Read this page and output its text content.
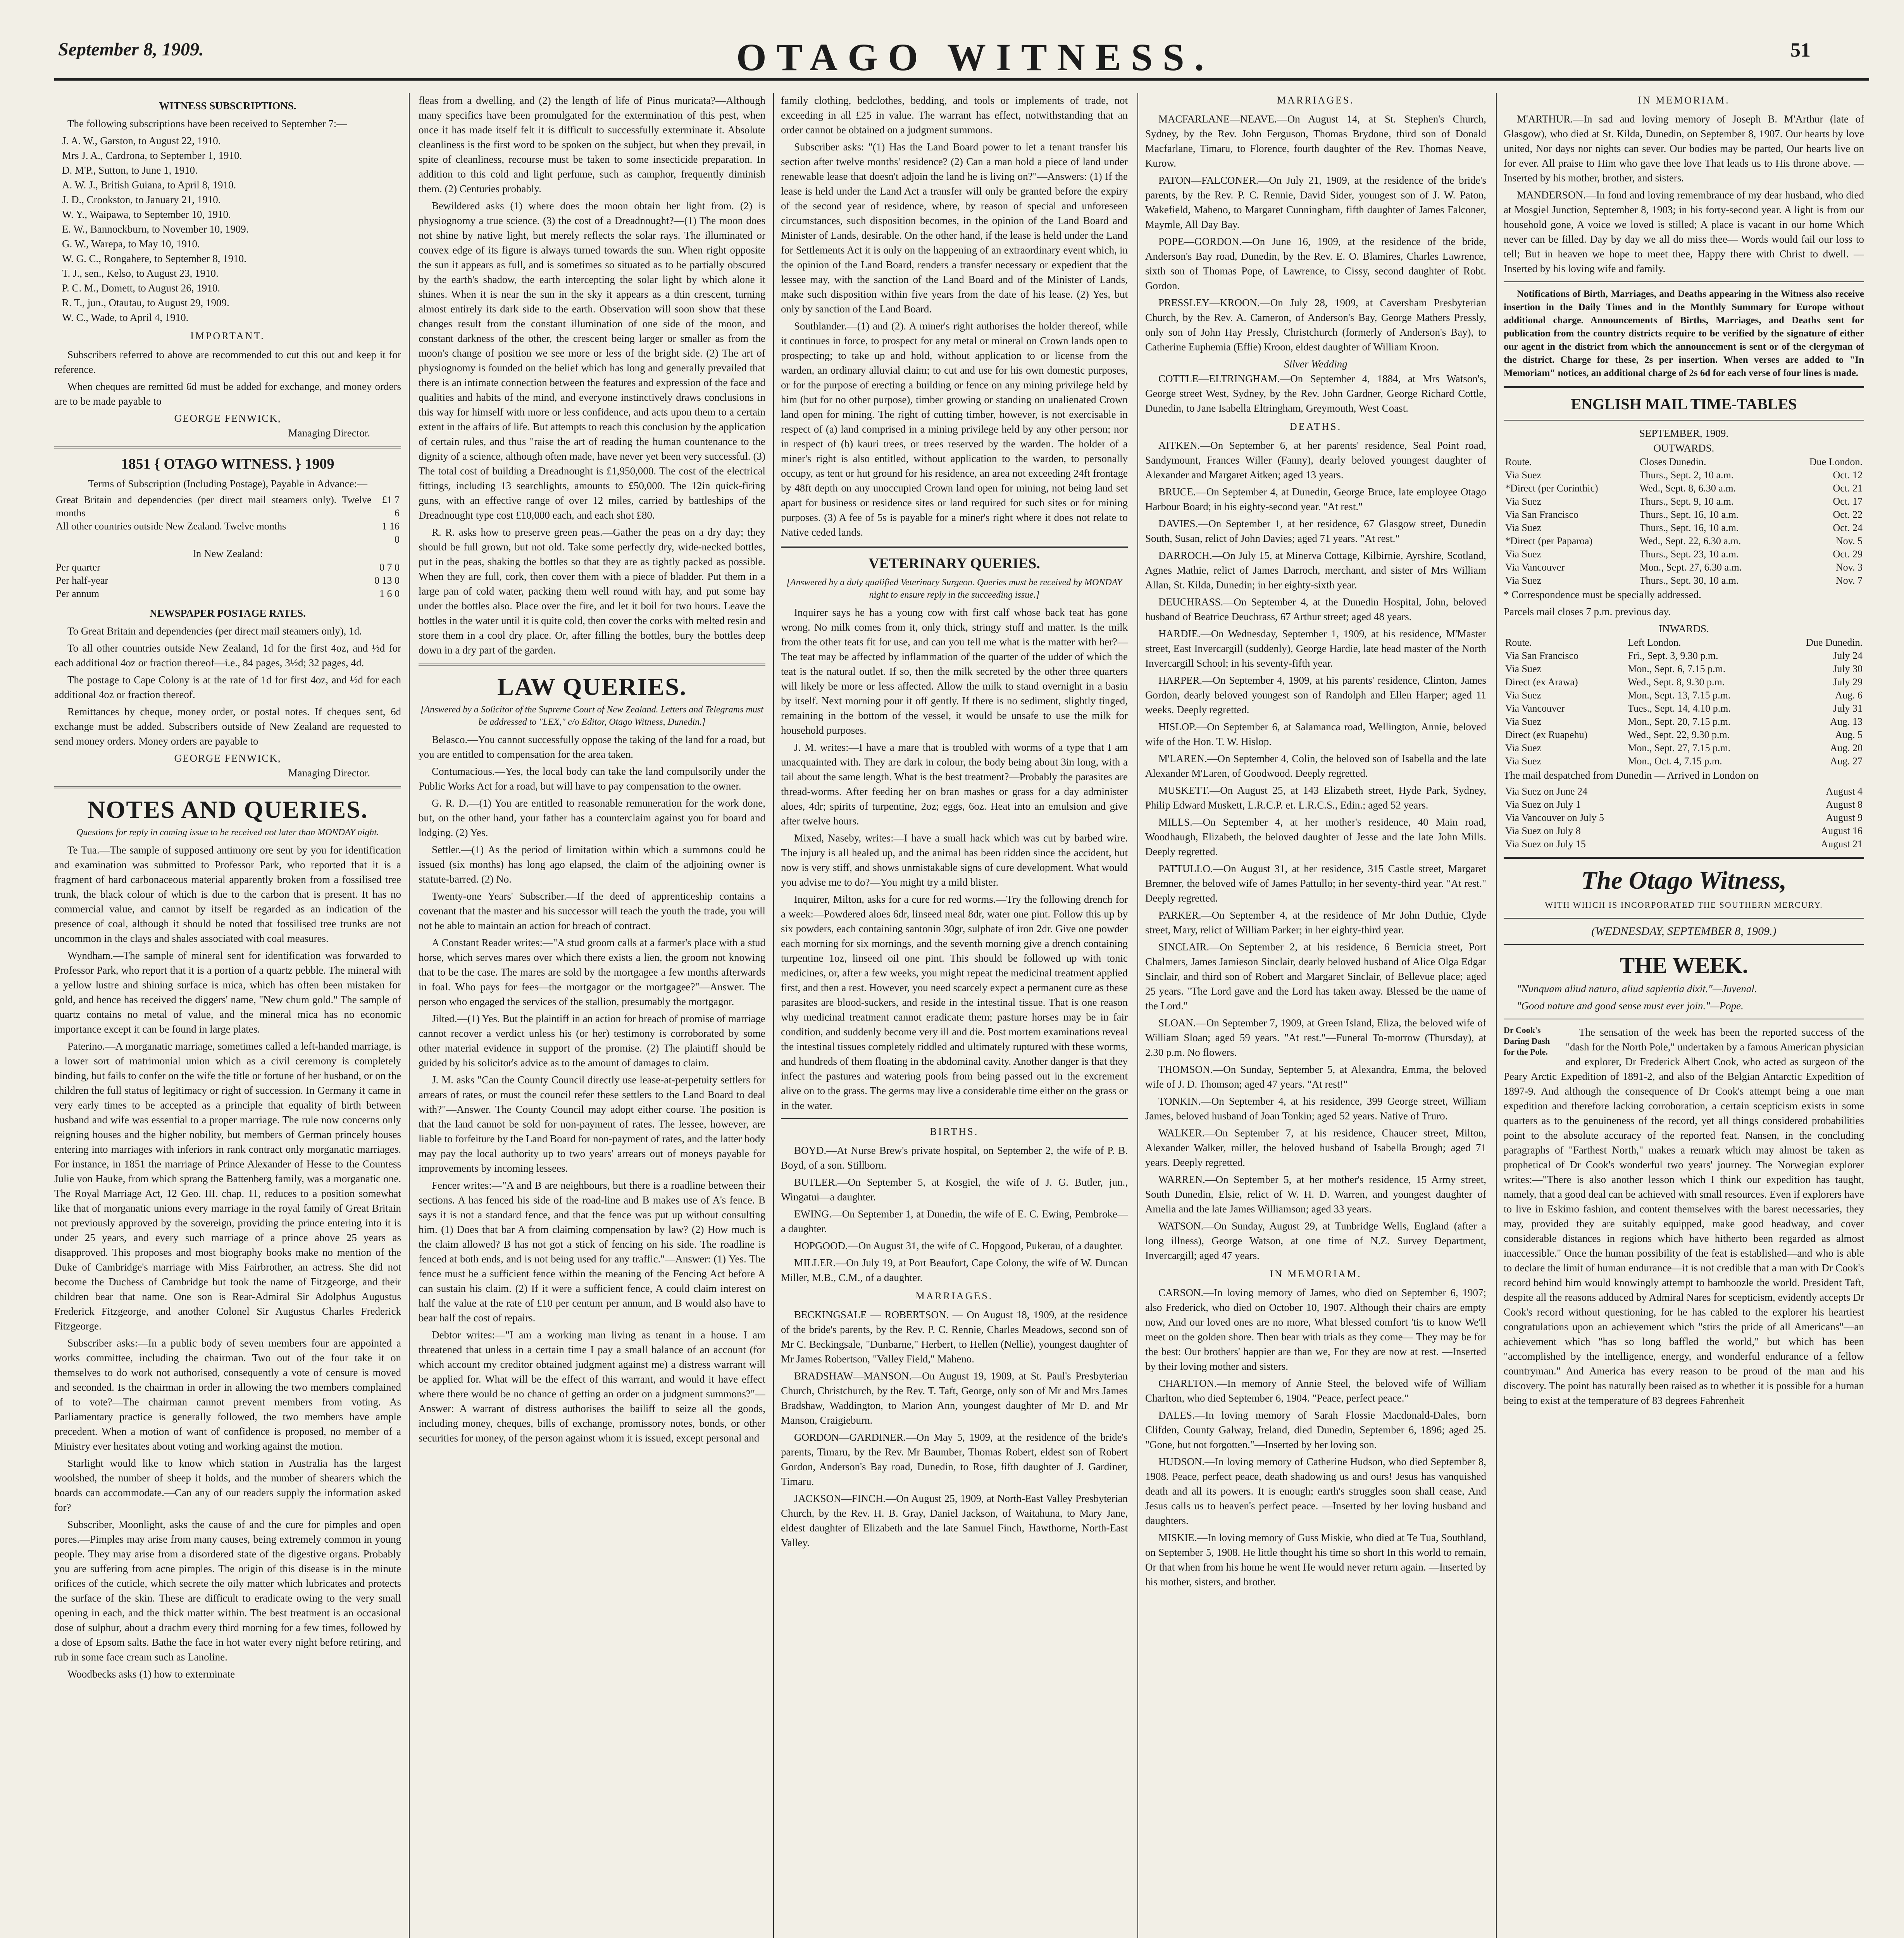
September 8, 1909.	OTAGO WITNESS.	51
WITNESS SUBSCRIPTIONS.

The following subscriptions have been received to September 7:—

J. A. W., Garston, to August 22, 1910.
Mrs J. A., Cardrona, to September 1, 1910.
D. M'P., Sutton, to June 1, 1910.
A. W. J., British Guiana, to April 8, 1910.
J. D., Crookston, to January 21, 1910.
W. Y., Waipawa, to September 10, 1910.
E. W., Bannockburn, to November 10, 1909.
G. W., Warepa, to May 10, 1910.
W. G. C., Rongahere, to September 8, 1910.
T. J., sen., Kelso, to August 23, 1910.
P. C. M., Domett, to August 26, 1910.
R. T., jun., Otautau, to August 29, 1909.
W. C., Wade, to April 4, 1910.
IMPORTANT.

Subscribers referred to above are recommended to cut this out and keep it for reference.

When cheques are remitted 6d must be added for exchange, and money orders are to be made payable to

GEORGE FENWICK,
Managing Director.
1851 { OTAGO WITNESS. } 1909

Terms of Subscription (Including Postage), Payable in Advance:—

Great Britain and dependencies (per direct mail steamers only). Twelve months	£1 7 6
All other countries outside New Zealand. Twelve months	1 16 0
In New Zealand:
Per quarter	0 7 0
Per half-year	0 13 0
Per annum	1 6 0
NEWSPAPER POSTAGE RATES.

To Great Britain and dependencies (per direct mail steamers only), 1d.

To all other countries outside New Zealand, 1d for the first 4oz, and ½d for each additional 4oz or fraction thereof—i.e., 84 pages, 3½d; 32 pages, 4d.

The postage to Cape Colony is at the rate of 1d for first 4oz, and ½d for each additional 4oz or fraction thereof.

Remittances by cheque, money order, or postal notes. If cheques sent, 6d exchange must be added. Subscribers outside of New Zealand are requested to send money orders. Money orders are payable to

GEORGE FENWICK,
Managing Director.
NOTES AND QUERIES.
Questions for reply in coming issue to be received not later than MONDAY night.

Te Tua.—The sample of supposed antimony ore sent by you for identification and examination was submitted to Professor Park, who reported that it is a fragment of hard carbonaceous material apparently broken from a fossilised tree trunk, the black colour of which is due to the carbon that is present. It has no commercial value, and cannot by itself be regarded as an indication of the presence of coal, although it should be noted that fossilised tree trunks are not uncommon in the clays and shales associated with coal measures.

Wyndham.—The sample of mineral sent for identification was forwarded to Professor Park, who report that it is a portion of a quartz pebble. The mineral with a yellow lustre and shining surface is mica, which has often been mistaken for gold, and hence has received the diggers' name, "New chum gold." The sample of quartz contains no metal of value, and the mineral mica has no economic importance except it can be found in large plates.

Paterino.—A morganatic marriage, sometimes called a left-handed marriage, is a lower sort of matrimonial union which as a civil ceremony is completely binding, but fails to confer on the wife the title or fortune of her husband, or on the children the full status of legitimacy or right of succession. In Germany it came in very early times to be accepted as a principle that equality of birth between husband and wife was essential to a proper marriage. The rule now concerns only reigning houses and the higher nobility, but members of German princely houses entering into marriages with inferiors in rank contract only morganatic marriages. For instance, in 1851 the marriage of Prince Alexander of Hesse to the Countess Julie von Hauke, from which sprang the Battenberg family, was a morganatic one. The Royal Marriage Act, 12 Geo. III. chap. 11, reduces to a position somewhat like that of morganatic unions every marriage in the royal family of Great Britain not previously approved by the sovereign, providing the prince entering into it is under 25 years, and every such marriage of a prince above 25 years as disapproved. This proposes and most biography books make no mention of the Duke of Cambridge's marriage with Miss Fairbrother, an actress. She did not become the Duchess of Cambridge but took the name of Fitzgeorge, and their children bear that name. One son is Rear-Admiral Sir Adolphus Augustus Frederick Fitzgeorge, and another Colonel Sir Augustus Charles Frederick Fitzgeorge.

Subscriber asks:—In a public body of seven members four are appointed a works committee, including the chairman. Two out of the four take it on themselves to do work not authorised, consequently a vote of censure is moved and seconded. Is the chairman in order in allowing the two members complained of to vote?—The chairman cannot prevent members from voting. As Parliamentary practice is generally followed, the two members have ample precedent. When a motion of want of confidence is proposed, no member of a Ministry ever hesitates about voting and working against the motion.

Starlight would like to know which station in Australia has the largest woolshed, the number of sheep it holds, and the number of shearers which the boards can accommodate.—Can any of our readers supply the information asked for?

Subscriber, Moonlight, asks the cause of and the cure for pimples and open pores.—Pimples may arise from many causes, being extremely common in young people. They may arise from a disordered state of the digestive organs. Probably you are suffering from acne pimples. The origin of this disease is in the minute orifices of the cuticle, which secrete the oily matter which lubricates and protects the surface of the skin. These are difficult to eradicate owing to the very small opening in each, and the thick matter within. The best treatment is an occasional dose of sulphur, about a drachm every third morning for a few times, followed by a dose of Epsom salts. Bathe the face in hot water every night before retiring, and rub in some face cream such as Lanoline.

Woodbecks asks (1) how to exterminate

fleas from a dwelling, and (2) the length of life of Pinus muricata?—Although many specifics have been promulgated for the extermination of this pest, when once it has made itself felt it is difficult to successfully exterminate it. Absolute cleanliness is the first word to be spoken on the subject, but when they prevail, in spite of cleanliness, recourse must be taken to some insecticide preparation. In addition to this cold and light perfume, such as camphor, frequently diminish them. (2) Centuries probably.

Bewildered asks (1) where does the moon obtain her light from. (2) is physiognomy a true science. (3) the cost of a Dreadnought?—(1) The moon does not shine by native light, but merely reflects the solar rays. The illuminated or convex edge of its figure is always turned towards the sun. When right opposite the sun it appears as full, and is sometimes so situated as to be partially obscured by the earth's shadow, the earth intercepting the solar light by which alone it shines. When it is near the sun in the sky it appears as a thin crescent, turning almost entirely its dark side to the earth. Observation will soon show that these changes result from the constant illumination of one side of the moon, and constant darkness of the other, the crescent being larger or smaller as from the moon's change of position we see more or less of the bright side. (2) The art of physiognomy is founded on the belief which has long and generally prevailed that there is an intimate connection between the features and expression of the face and qualities and habits of the mind, and everyone instinctively draws conclusions in this way for himself with more or less confidence, and acts upon them to a certain extent in the affairs of life. But attempts to reach this conclusion by the application of certain rules, and thus "raise the art of reading the human countenance to the dignity of a science, although often made, have never yet been very successful. (3) The total cost of building a Dreadnought is £1,950,000. The cost of the electrical fittings, including 13 searchlights, amounts to £50,000. The 12in quick-firing guns, with an effective range of over 12 miles, carried by battleships of the Dreadnought type cost £10,000 each, and each shot £80.

R. R. asks how to preserve green peas.—Gather the peas on a dry day; they should be full grown, but not old. Take some perfectly dry, wide-necked bottles, put in the peas, shaking the bottles so that they are as tightly packed as possible. When they are full, cork, then cover them with a piece of bladder. Put them in a large pan of cold water, packing them well round with hay, and put some hay under the bottles also. Place over the fire, and let it boil for two hours. Leave the bottles in the water until it is quite cold, then cover the corks with melted resin and store them in a cool dry place. Or, after filling the bottles, bury the bottles deep down in a dry part of the garden.

LAW QUERIES.
[Answered by a Solicitor of the Supreme Court of New Zealand. Letters and Telegrams must be addressed to "LEX," c/o Editor, Otago Witness, Dunedin.]

Belasco.—You cannot successfully oppose the taking of the land for a road, but you are entitled to compensation for the area taken.

Contumacious.—Yes, the local body can take the land compulsorily under the Public Works Act for a road, but will have to pay compensation to the owner.

G. R. D.—(1) You are entitled to reasonable remuneration for the work done, but, on the other hand, your father has a counterclaim against you for board and lodging. (2) Yes.

Settler.—(1) As the period of limitation within which a summons could be issued (six months) has long ago elapsed, the claim of the adjoining owner is statute-barred. (2) No.

Twenty-one Years' Subscriber.—If the deed of apprenticeship contains a covenant that the master and his successor will teach the youth the trade, you will not be able to maintain an action for breach of contract.

A Constant Reader writes:—"A stud groom calls at a farmer's place with a stud horse, which serves mares over which there exists a lien, the groom not knowing that to be the case. The mares are sold by the mortgagee a few months afterwards in foal. Who pays for fees—the mortgagor or the mortgagee?"—Answer. The person who engaged the services of the stallion, presumably the mortgagor.

Jilted.—(1) Yes. But the plaintiff in an action for breach of promise of marriage cannot recover a verdict unless his (or her) testimony is corroborated by some other material evidence in support of the promise. (2) The plaintiff should be guided by his solicitor's advice as to the amount of damages to claim.

J. M. asks "Can the County Council directly use lease-at-perpetuity settlers for arrears of rates, or must the council refer these settlers to the Land Board to deal with?"—Answer. The County Council may adopt either course. The position is that the land cannot be sold for non-payment of rates. The lessee, however, are liable to forfeiture by the Land Board for non-payment of rates, and the latter body may pay the local authority up to two years' arrears out of moneys payable for improvements by incoming lessees.

Fencer writes:—"A and B are neighbours, but there is a roadline between their sections. A has fenced his side of the road-line and B makes use of A's fence. B says it is not a standard fence, and that the fence was put up without consulting him. (1) Does that bar A from claiming compensation by law? (2) How much is the claim allowed? B has not got a stick of fencing on his side. The roadline is fenced at both ends, and is not being used for any traffic."—Answer: (1) Yes. The fence must be a sufficient fence within the meaning of the Fencing Act before A can sustain his claim. (2) If it were a sufficient fence, A could claim interest on half the value at the rate of £10 per centum per annum, and B would also have to bear half the cost of repairs.

Debtor writes:—"I am a working man living as tenant in a house. I am threatened that unless in a certain time I pay a small balance of an account (for which account my creditor obtained judgment against me) a distress warrant will be applied for. What will be the effect of this warrant, and would it have effect where there would be no chance of getting an order on a judgment summons?"—Answer: A warrant of distress authorises the bailiff to seize all the goods, including money, cheques, bills of exchange, promissory notes, bonds, or other securities for money, of the person against whom it is issued, except personal and

family clothing, bedclothes, bedding, and tools or implements of trade, not exceeding in all £25 in value. The warrant has effect, notwithstanding that an order cannot be obtained on a judgment summons.

Subscriber asks: "(1) Has the Land Board power to let a tenant transfer his section after twelve months' residence? (2) Can a man hold a piece of land under renewable lease that doesn't adjoin the land he is living on?"—Answers: (1) If the lease is held under the Land Act a transfer will only be granted before the expiry of the second year of residence, where, by reason of special and unforeseen circumstances, such disposition becomes, in the opinion of the Land Board and Minister of Lands, desirable. On the other hand, if the lease is held under the Land for Settlements Act it is only on the happening of an extraordinary event which, in the opinion of the Land Board, renders a transfer necessary or expedient that the lessee may, with the sanction of the Land Board and of the Minister of Lands, make such disposition within five years from the date of his lease. (2) Yes, but only by sanction of the Land Board.

Southlander.—(1) and (2). A miner's right authorises the holder thereof, while it continues in force, to prospect for any metal or mineral on Crown lands open to prospecting; to take up and hold, without application to or license from the warden, an ordinary alluvial claim; to cut and use for his own domestic purposes, or for the purpose of erecting a building or fence on any mining privilege held by him (but for no other purpose), timber growing or standing on unalienated Crown land open for mining. The right of cutting timber, however, is not exercisable in respect of (a) land comprised in a mining privilege held by any other person; nor in respect of (b) kauri trees, or trees reserved by the warden. The holder of a miner's right is also entitled, without application to the warden, to personally occupy, as tent or hut ground for his residence, an area not exceeding 24ft frontage by 48ft depth on any unoccupied Crown land open for mining, not being land set apart for business or residence sites or land required for such sites or for mining purposes. (3) A fee of 5s is payable for a miner's right where it does not relate to Native ceded lands.

VETERINARY QUERIES.
[Answered by a duly qualified Veterinary Surgeon. Queries must be received by MONDAY night to ensure reply in the succeeding issue.]

Inquirer says he has a young cow with first calf whose back teat has gone wrong. No milk comes from it, only thick, stringy stuff and matter. Is the milk from the other teats fit for use, and can you tell me what is the matter with her?—The teat may be affected by inflammation of the quarter of the udder of which the teat is the natural outlet. If so, then the milk secreted by the other three quarters will likely be more or less affected. Allow the milk to stand overnight in a basin by itself. Next morning pour it off gently. If there is no sediment, slightly tinged, remaining in the bottom of the vessel, it would be unsafe to use the milk for household purposes.

J. M. writes:—I have a mare that is troubled with worms of a type that I am unacquainted with. They are dark in colour, the body being about 3in long, with a tail about the same length. What is the best treatment?—Probably the parasites are thread-worms. After feeding her on bran mashes or grass for a day administer aloes, 4dr; spirits of turpentine, 2oz; eggs, 6oz. Heat into an emulsion and give after twelve hours.

Mixed, Naseby, writes:—I have a small hack which was cut by barbed wire. The injury is all healed up, and the animal has been ridden since the accident, but now is very stiff, and shows unmistakable signs of cure development. What would you advise me to do?—You might try a mild blister.

Inquirer, Milton, asks for a cure for red worms.—Try the following drench for a week:—Powdered aloes 6dr, linseed meal 8dr, water one pint. Follow this up by six powders, each containing santonin 30gr, sulphate of iron 2dr. Give one powder each morning for six mornings, and the seventh morning give a drench containing turpentine 1oz, linseed oil one pint. This should be followed up with tonic medicines, or, after a few weeks, you might repeat the medicinal treatment applied first, and then a rest. However, you need scarcely expect a permanent cure as these parasites are blood-suckers, and reside in the intestinal tissue. That is one reason why medicinal treatment cannot eradicate them; pasture horses may be in fair condition, and suddenly become very ill and die. Post mortem examinations reveal the intestinal tissues completely riddled and ultimately ruptured with these worms, and hundreds of them floating in the abdominal cavity. Another danger is that they infect the pastures and watering pools from being passed out in the excrement alive on to the grass. The germs may live a considerable time either on the grass or in the water.

BIRTHS.

BOYD.—At Nurse Brew's private hospital, on September 2, the wife of P. B. Boyd, of a son. Stillborn.

BUTLER.—On September 5, at Kosgiel, the wife of J. G. Butler, jun., Wingatui—a daughter.

EWING.—On September 1, at Dunedin, the wife of E. C. Ewing, Pembroke—a daughter.

HOPGOOD.—On August 31, the wife of C. Hopgood, Pukerau, of a daughter.

MILLER.—On July 19, at Port Beaufort, Cape Colony, the wife of W. Duncan Miller, M.B., C.M., of a daughter.

MARRIAGES.

BECKINGSALE — ROBERTSON. — On August 18, 1909, at the residence of the bride's parents, by the Rev. P. C. Rennie, Charles Meadows, second son of Mr C. Beckingsale, "Dunbarne," Herbert, to Hellen (Nellie), youngest daughter of Mr James Robertson, "Valley Field," Maheno.

BRADSHAW—MANSON.—On August 19, 1909, at St. Paul's Presbyterian Church, Christchurch, by the Rev. T. Taft, George, only son of Mr and Mrs James Bradshaw, Waddington, to Marion Ann, youngest daughter of Mr D. and Mr Manson, Craigieburn.

GORDON—GARDINER.—On May 5, 1909, at the residence of the bride's parents, Timaru, by the Rev. Mr Baumber, Thomas Robert, eldest son of Robert Gordon, Anderson's Bay road, Dunedin, to Rose, fifth daughter of J. Gardiner, Timaru.

JACKSON—FINCH.—On August 25, 1909, at North-East Valley Presbyterian Church, by the Rev. H. B. Gray, Daniel Jackson, of Waitahuna, to Mary Jane, eldest daughter of Elizabeth and the late Samuel Finch, Hawthorne, North-East Valley.

MARRIAGES.

MACFARLANE—NEAVE.—On August 14, at St. Stephen's Church, Sydney, by the Rev. John Ferguson, Thomas Brydone, third son of Donald Macfarlane, Timaru, to Florence, fourth daughter of the Rev. Thomas Neave, Kurow.

PATON—FALCONER.—On July 21, 1909, at the residence of the bride's parents, by the Rev. P. C. Rennie, David Sider, youngest son of J. W. Paton, Wakefield, Maheno, to Margaret Cunningham, fifth daughter of James Falconer, Maymle, All Day Bay.

POPE—GORDON.—On June 16, 1909, at the residence of the bride, Anderson's Bay road, Dunedin, by the Rev. E. O. Blamires, Charles Lawrence, sixth son of Thomas Pope, of Lawrence, to Cissy, second daughter of Robt. Gordon.

PRESSLEY—KROON.—On July 28, 1909, at Caversham Presbyterian Church, by the Rev. A. Cameron, of Anderson's Bay, George Mathers Pressly, only son of John Hay Pressly, Christchurch (formerly of Anderson's Bay), to Catherine Euphemia (Effie) Kroon, eldest daughter of William Kroon.

Silver Wedding

COTTLE—ELTRINGHAM.—On September 4, 1884, at Mrs Watson's, George street West, Sydney, by the Rev. John Gardner, George Richard Cottle, Dunedin, to Jane Isabella Eltringham, Greymouth, West Coast.

DEATHS.

AITKEN.—On September 6, at her parents' residence, Seal Point road, Sandymount, Frances Willer (Fanny), dearly beloved youngest daughter of Alexander and Margaret Aitken; aged 13 years.

BRUCE.—On September 4, at Dunedin, George Bruce, late employee Otago Harbour Board; in his eighty-second year. "At rest."

DAVIES.—On September 1, at her residence, 67 Glasgow street, Dunedin South, Susan, relict of John Davies; aged 71 years. "At rest."

DARROCH.—On July 15, at Minerva Cottage, Kilbirnie, Ayrshire, Scotland, Agnes Mathie, relict of James Darroch, merchant, and sister of Mrs William Allan, St. Kilda, Dunedin; in her eighty-sixth year.

DEUCHRASS.—On September 4, at the Dunedin Hospital, John, beloved husband of Beatrice Deuchrass, 67 Arthur street; aged 48 years.

HARDIE.—On Wednesday, September 1, 1909, at his residence, M'Master street, East Invercargill (suddenly), George Hardie, late head master of the North Invercargill School; in his seventy-fifth year.

HARPER.—On September 4, 1909, at his parents' residence, Clinton, James Gordon, dearly beloved youngest son of Randolph and Ellen Harper; aged 11 weeks. Deeply regretted.

HISLOP.—On September 6, at Salamanca road, Wellington, Annie, beloved wife of the Hon. T. W. Hislop.

M'LAREN.—On September 4, Colin, the beloved son of Isabella and the late Alexander M'Laren, of Goodwood. Deeply regretted.

MUSKETT.—On August 25, at 143 Elizabeth street, Hyde Park, Sydney, Philip Edward Muskett, L.R.C.P. et. L.R.C.S., Edin.; aged 52 years.

MILLS.—On September 4, at her mother's residence, 40 Main road, Woodhaugh, Elizabeth, the beloved daughter of Jesse and the late John Mills. Deeply regretted.

PATTULLO.—On August 31, at her residence, 315 Castle street, Margaret Bremner, the beloved wife of James Pattullo; in her seventy-third year. "At rest." Deeply regretted.

PARKER.—On September 4, at the residence of Mr John Duthie, Clyde street, Mary, relict of William Parker; in her eighty-third year.

SINCLAIR.—On September 2, at his residence, 6 Bernicia street, Port Chalmers, James Jamieson Sinclair, dearly beloved husband of Alice Olga Edgar Sinclair, and third son of Robert and Margaret Sinclair, of Bellevue place; aged 25 years. "The Lord gave and the Lord has taken away. Blessed be the name of the Lord."

SLOAN.—On September 7, 1909, at Green Island, Eliza, the beloved wife of William Sloan; aged 59 years. "At rest."—Funeral To-morrow (Thursday), at 2.30 p.m. No flowers.

THOMSON.—On Sunday, September 5, at Alexandra, Emma, the beloved wife of J. D. Thomson; aged 47 years. "At rest!"

TONKIN.—On September 4, at his residence, 399 George street, William James, beloved husband of Joan Tonkin; aged 52 years. Native of Truro.

WALKER.—On September 7, at his residence, Chaucer street, Milton, Alexander Walker, miller, the beloved husband of Isabella Brough; aged 71 years. Deeply regretted.

WARREN.—On September 5, at her mother's residence, 15 Army street, South Dunedin, Elsie, relict of W. H. D. Warren, and youngest daughter of Amelia and the late James Williamson; aged 33 years.

WATSON.—On Sunday, August 29, at Tunbridge Wells, England (after a long illness), George Watson, at one time of N.Z. Survey Department, Invercargill; aged 47 years.

IN MEMORIAM.

CARSON.—In loving memory of James, who died on September 6, 1907; also Frederick, who died on October 10, 1907. Although their chairs are empty now, And our loved ones are no more, What blessed comfort 'tis to know We'll meet on the golden shore. Then bear with trials as they come— They may be for the best: Our brothers' happier are than we, For they are now at rest. —Inserted by their loving mother and sisters.

CHARLTON.—In memory of Annie Steel, the beloved wife of William Charlton, who died September 6, 1904. "Peace, perfect peace."

DALES.—In loving memory of Sarah Flossie Macdonald-Dales, born Clifden, County Galway, Ireland, died Dunedin, September 6, 1896; aged 25. "Gone, but not forgotten."—Inserted by her loving son.

HUDSON.—In loving memory of Catherine Hudson, who died September 8, 1908. Peace, perfect peace, death shadowing us and ours! Jesus has vanquished death and all its powers. It is enough; earth's struggles soon shall cease, And Jesus calls us to heaven's perfect peace. —Inserted by her loving husband and daughters.

MISKIE.—In loving memory of Guss Miskie, who died at Te Tua, Southland, on September 5, 1908. He little thought his time so short In this world to remain, Or that when from his home he went He would never return again. —Inserted by his mother, sisters, and brother.

IN MEMORIAM.

M'ARTHUR.—In sad and loving memory of Joseph B. M'Arthur (late of Glasgow), who died at St. Kilda, Dunedin, on September 8, 1907. Our hearts by love united, Nor days nor nights can sever. Our bodies may be parted, Our hearts live on for ever. All praise to Him who gave thee love That leads us to His throne above. —Inserted by his mother, brother, and sisters.

MANDERSON.—In fond and loving remembrance of my dear husband, who died at Mosgiel Junction, September 8, 1903; in his forty-second year. A light is from our household gone, A voice we loved is stilled; A place is vacant in our home Which never can be filled. Day by day we all do miss thee— Words would fail our loss to tell; But in heaven we hope to meet thee, Happy there with Christ to dwell. —Inserted by his loving wife and family.

Notifications of Birth, Marriages, and Deaths appearing in the Witness also receive insertion in the Daily Times and in the Monthly Summary for Europe without additional charge. Announcements of Births, Marriages, and Deaths sent for publication from the country districts require to be verified by the signature of either our agent in the district from which the announcement is sent or of the clergyman of the district. Charge for these, 2s per insertion. When verses are added to "In Memoriam" notices, an additional charge of 2s 6d for each verse of four lines is made.

ENGLISH MAIL TIME-TABLES
SEPTEMBER, 1909.
OUTWARDS.
Route.	Closes Dunedin.	Due London.
Via Suez	Thurs., Sept. 2, 10 a.m.	Oct. 12
*Direct (per Corinthic)	Wed., Sept. 8, 6.30 a.m.	Oct. 21
Via Suez	Thurs., Sept. 9, 10 a.m.	Oct. 17
Via San Francisco	Thurs., Sept. 16, 10 a.m.	Oct. 22
Via Suez	Thurs., Sept. 16, 10 a.m.	Oct. 24
*Direct (per Paparoa)	Wed., Sept. 22, 6.30 a.m.	Nov. 5
Via Suez	Thurs., Sept. 23, 10 a.m.	Oct. 29
Via Vancouver	Mon., Sept. 27, 6.30 a.m.	Nov. 3
Via Suez	Thurs., Sept. 30, 10 a.m.	Nov. 7

* Correspondence must be specially addressed.

Parcels mail closes 7 p.m. previous day.

INWARDS.
Route.	Left London.	Due Dunedin.
Via San Francisco	Fri., Sept. 3, 9.30 p.m.	July 24
Via Suez	Mon., Sept. 6, 7.15 p.m.	July 30
Direct (ex Arawa)	Wed., Sept. 8, 9.30 p.m.	July 29
Via Suez	Mon., Sept. 13, 7.15 p.m.	Aug. 6
Via Vancouver	Tues., Sept. 14, 4.10 p.m.	July 31
Via Suez	Mon., Sept. 20, 7.15 p.m.	Aug. 13
Direct (ex Ruapehu)	Wed., Sept. 22, 9.30 p.m.	Aug. 5
Via Suez	Mon., Sept. 27, 7.15 p.m.	Aug. 20
Via Suez	Mon., Oct. 4, 7.15 p.m.	Aug. 27

The mail despatched from Dunedin — Arrived in London on

Via Suez on June 24	August 4
Via Suez on July 1	August 8
Via Vancouver on July 5	August 9
Via Suez on July 8	August 16
Via Suez on July 15	August 21
The Otago Witness,
WITH WHICH IS INCORPORATED THE SOUTHERN MERCURY.
(WEDNESDAY, SEPTEMBER 8, 1909.)
THE WEEK.

"Nunquam aliud natura, aliud sapientia dixit."—Juvenal.

"Good nature and good sense must ever join."—Pope.

Dr Cook's Daring Dash for the Pole.

The sensation of the week has been the reported success of the "dash for the North Pole," undertaken by a famous American physician and explorer, Dr Frederick Albert Cook, who acted as surgeon of the Peary Arctic Expedition of 1891-2, and also of the Belgian Antarctic Expedition of 1897-9. And although the consequence of Dr Cook's attempt being a one man expedition and therefore lacking corroboration, a certain scepticism exists in some quarters as to the genuineness of the record, yet all things considered probabilities point to the absolute accuracy of the reported feat. Nansen, in the concluding paragraphs of "Farthest North," makes a remark which may almost be taken as prophetical of Dr Cook's wonderful two years' journey. The Norwegian explorer writes:—"There is also another lesson which I think our expedition has taught, namely, that a good deal can be achieved with small resources. Even if explorers have to live in Eskimo fashion, and content themselves with the barest necessaries, they may, provided they are suitably equipped, make good headway, and cover considerable distances in regions which have hitherto been regarded as almost inaccessible." Once the human possibility of the feat is established—and who is able to declare the limit of human endurance—it is not credible that a man with Dr Cook's record behind him would knowingly attempt to bamboozle the world. President Taft, despite all the reasons adduced by Admiral Nares for scepticism, evidently accepts Dr Cook's record without questioning, for he has cabled to the explorer his heartiest congratulations upon an achievement which "stirs the pride of all Americans"—an achievement which "has so long baffled the world," but which has been "accomplished by the intelligence, energy, and wonderful endurance of a fellow countryman." And America has every reason to be proud of the man and his discovery. The point has naturally been raised as to whether it is possible for a human being to exist at the temperature of 83 degrees Fahrenheit
